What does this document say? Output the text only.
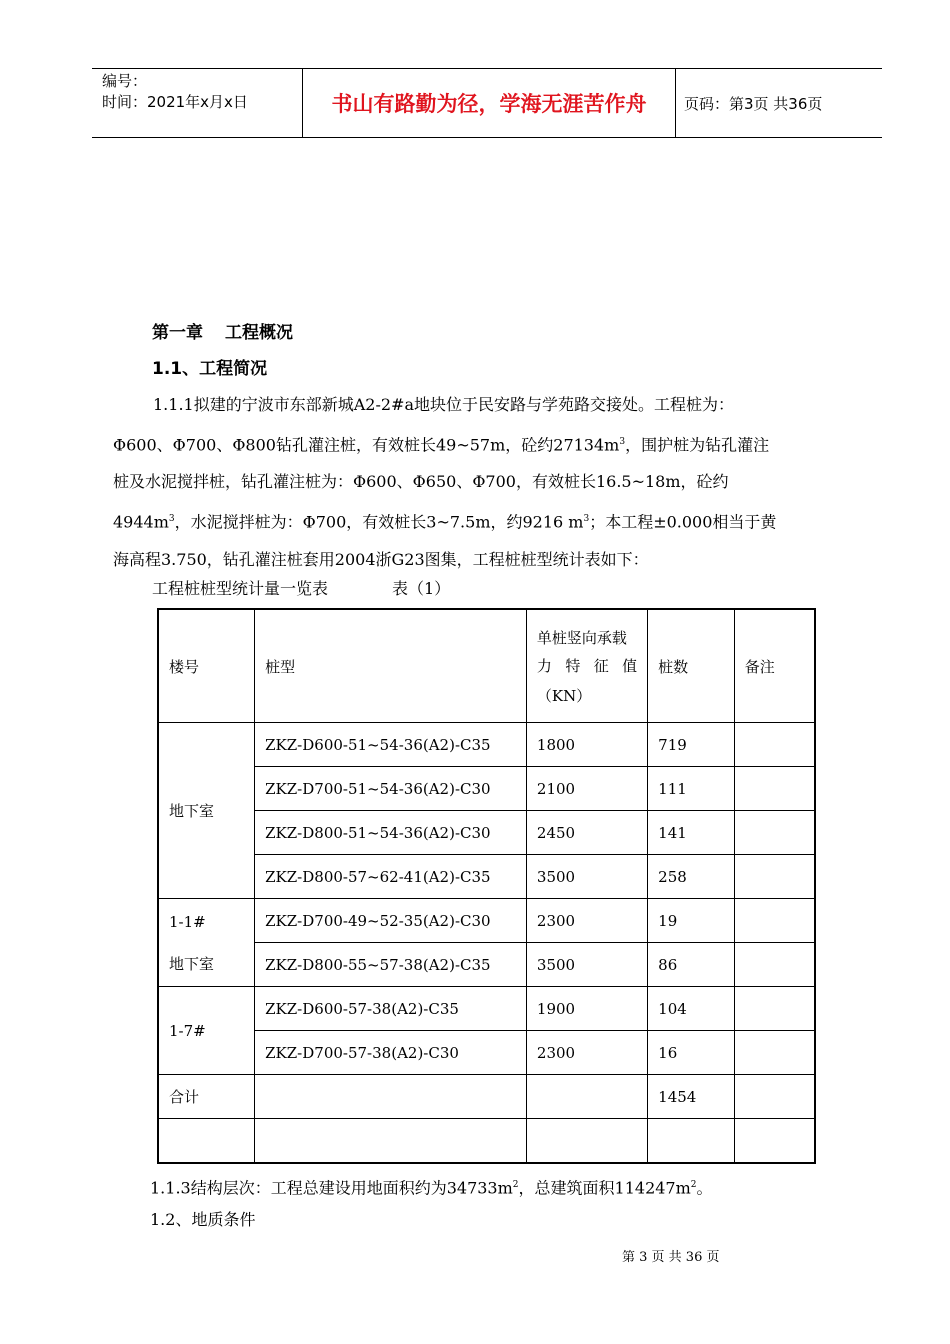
编号：
时间：2021年x月x日	书山有路勤为径，学海无涯苦作舟	页码：第3页 共36页
第一章 工程概况
1.1、工程简况

1.1.1拟建的宁波市东部新城A2-2#a地块位于民安路与学苑路交接处。工程桩为：

Φ600、Φ700、Φ800钻孔灌注桩，有效桩长49~57m，砼约$27134m^3$，围护桩为钻孔灌注

桩及水泥搅拌桩，钻孔灌注桩为：Φ600、Φ650、Φ700，有效桩长16.5~18m，砼约

$4944m^3$，水泥搅拌桩为：Φ700，有效桩长3~7.5m，约9216 $m^3$；本工程±0.000相当于黄

海高程3.750，钻孔灌注桩套用2004浙G23图集，工程桩桩型统计表如下：

工程桩桩型统计量一览表	表（1）
楼号	桩型	单桩竖向承载
力 特 征 值
（KN）	桩数	备注
地下室	ZKZ-D600-51~54-36(A2)-C35	1800	719	
	ZKZ-D700-51~54-36(A2)-C30	2100	111	
	ZKZ-D800-51~54-36(A2)-C30	2450	141	
	ZKZ-D800-57~62-41(A2)-C35	3500	258	

1-1#
地下室	ZKZ-D700-49~52-35(A2)-C30	2300	19	
	ZKZ-D800-55~57-38(A2)-C35	3500	86	
1-7#	ZKZ-D600-57-38(A2)-C35	1900	104	
	ZKZ-D700-57-38(A2)-C30	2300	16	
合计			1454	

1.1.3结构层次：工程总建设用地面积约为$34733m^2$，总建筑面积$114247m^2$。
1.2、地质条件
第 3 页 共 36 页
